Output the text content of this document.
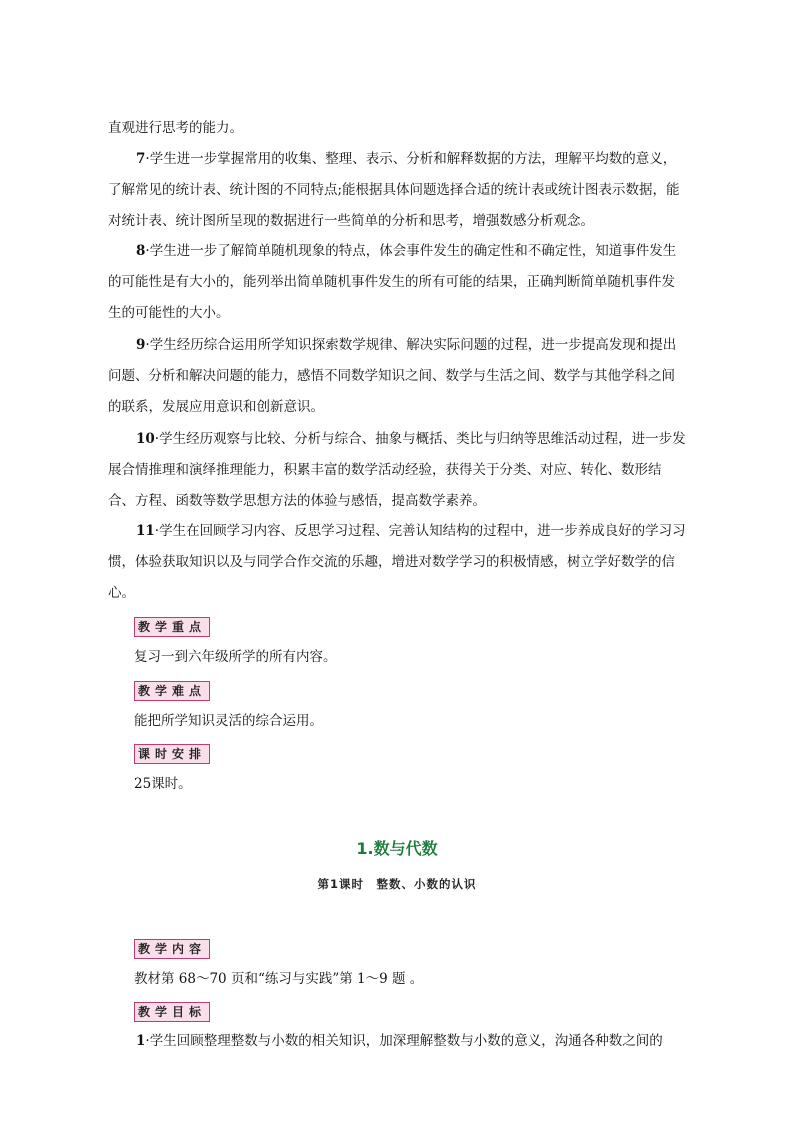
直观进行思考的能力。
7·学生进一步掌握常用的收集、整理、表示、分析和解释数据的方法，理解平均数的意义，了解常见的统计表、统计图的不同特点;能根据具体问题选择合适的统计表或统计图表示数据，能对统计表、统计图所呈现的数据进行一些简单的分析和思考，增强数感分析观念。
8·学生进一步了解简单随机现象的特点，体会事件发生的确定性和不确定性，知道事件发生的可能性是有大小的，能列举出简单随机事件发生的所有可能的结果，正确判断简单随机事件发生的可能性的大小。
9·学生经历综合运用所学知识探索数学规律、解决实际问题的过程，进一步提高发现和提出问题、分析和解决问题的能力，感悟不同数学知识之间、数学与生活之间、数学与其他学科之间的联系，发展应用意识和创新意识。
10·学生经历观察与比较、分析与综合、抽象与概括、类比与归纳等思维活动过程，进一步发展合情推理和演绎推理能力，积累丰富的数学活动经验，获得关于分类、对应、转化、数形结合、方程、函数等数学思想方法的体验与感悟，提高数学素养。
11·学生在回顾学习内容、反思学习过程、完善认知结构的过程中，进一步养成良好的学习习惯，体验获取知识以及与同学合作交流的乐趣，增进对数学学习的积极情感，树立学好数学的信心。
教学重点
复习一到六年级所学的所有内容。
教学难点
能把所学知识灵活的综合运用。
课时安排
25课时。
1.数与代数
第1课时　整数、小数的认识
教学内容
教材第 68～70 页和“练习与实践”第 1～9 题 。
教学目标
1·学生回顾整理整数与小数的相关知识，加深理解整数与小数的意义，沟通各种数之间的
